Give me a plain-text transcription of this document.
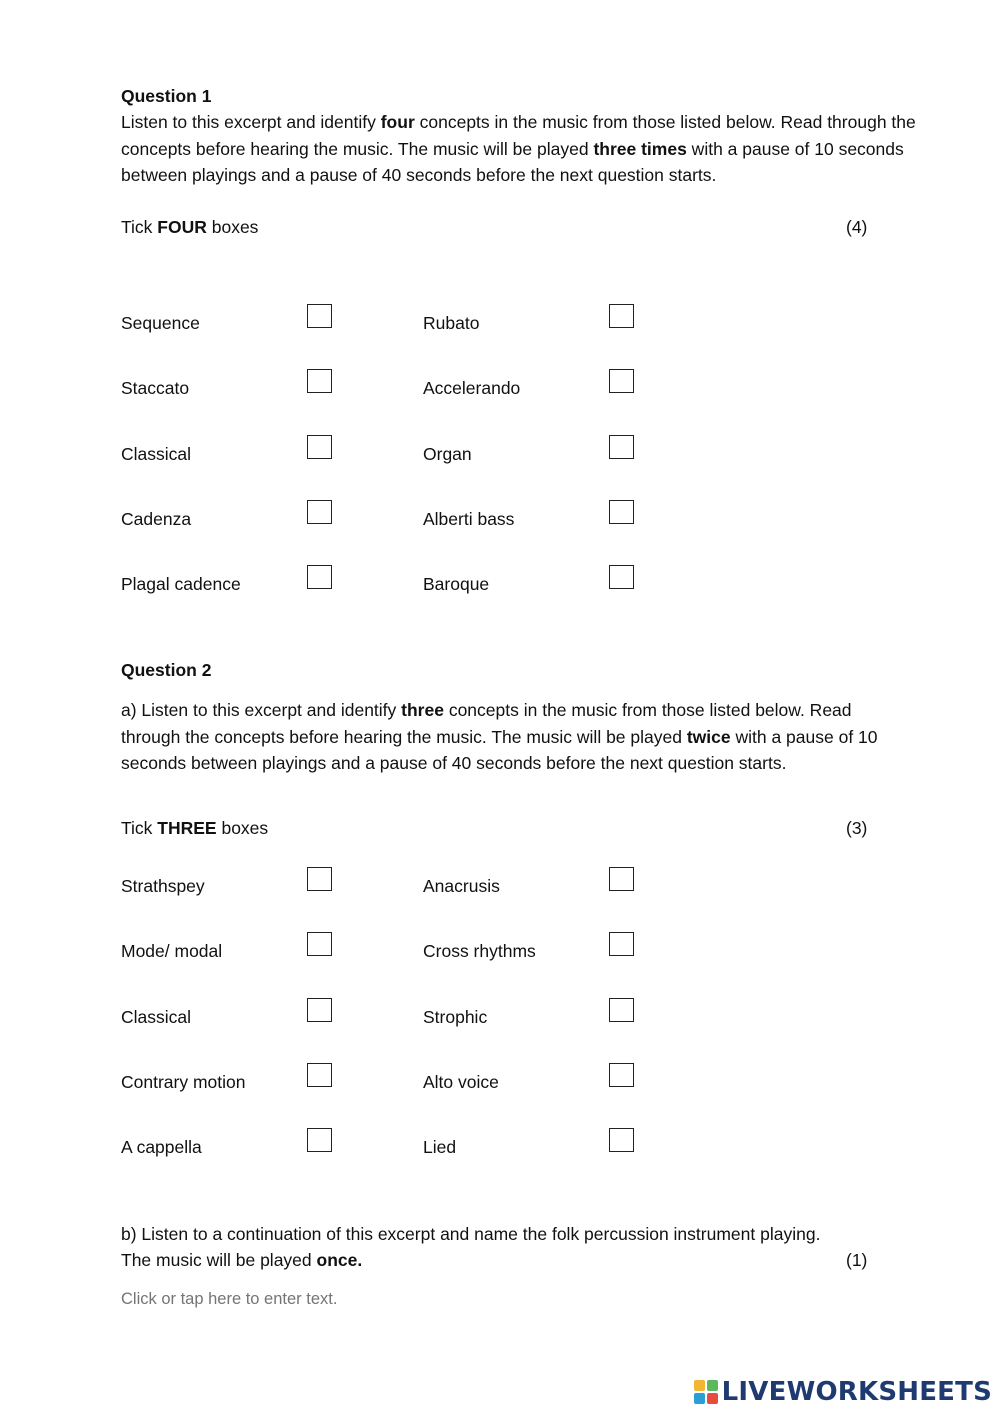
Question 1
Listen to this excerpt and identify four concepts in the music from those listed below. Read through the concepts before hearing the music. The music will be played three times with a pause of 10 seconds between playings and a pause of 40 seconds before the next question starts.
Tick FOUR boxes	(4)
Sequence	Rubato
Staccato	Accelerando
Classical	Organ
Cadenza	Alberti bass
Plagal cadence	Baroque
Question 2
a) Listen to this excerpt and identify three concepts in the music from those listed below. Read through the concepts before hearing the music. The music will be played twice with a pause of 10 seconds between playings and a pause of 40 seconds before the next question starts.
Tick THREE boxes	(3)
Strathspey	Anacrusis
Mode/ modal	Cross rhythms
Classical	Strophic
Contrary motion	Alto voice
A cappella	Lied
b) Listen to a continuation of this excerpt and name the folk percussion instrument playing.
The music will be played once.	(1)
Click or tap here to enter text.
LIVEWORKSHEETS
